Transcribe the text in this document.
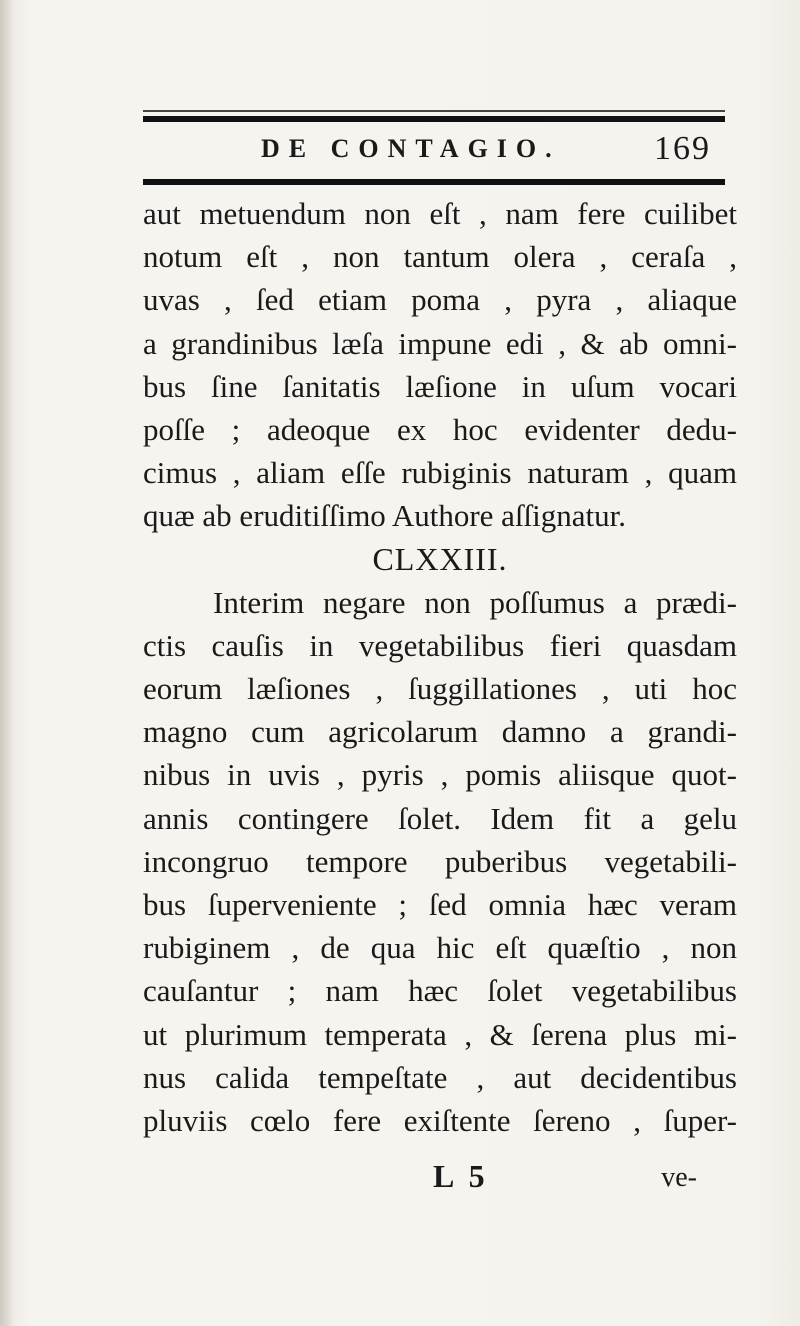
DE CONTAGIO.	169
aut metuendum non eſt , nam fere cuilibet
notum eſt , non tantum olera , ceraſa ,
uvas , ſed etiam poma , pyra , aliaque
a grandinibus læſa impune edi , & ab omni-
bus ſine ſanitatis læſione in uſum vocari
poſſe ; adeoque ex hoc evidenter dedu-
cimus , aliam eſſe rubiginis naturam , quam
quæ ab eruditiſſimo Authore aſſignatur.
CLXXIII.
Interim negare non poſſumus a prædi-
ctis cauſis in vegetabilibus fieri quasdam
eorum læſiones , ſuggillationes , uti hoc
magno cum agricolarum damno a grandi-
nibus in uvis , pyris , pomis aliisque quot-
annis contingere ſolet. Idem fit a gelu
incongruo tempore puberibus vegetabili-
bus ſuperveniente ; ſed omnia hæc veram
rubiginem , de qua hic eſt quæſtio , non
cauſantur ; nam hæc ſolet vegetabilibus
ut plurimum temperata , & ſerena plus mi-
nus calida tempeſtate , aut decidentibus
pluviis cœlo fere exiſtente ſereno , ſuper-
L 5	ve-
